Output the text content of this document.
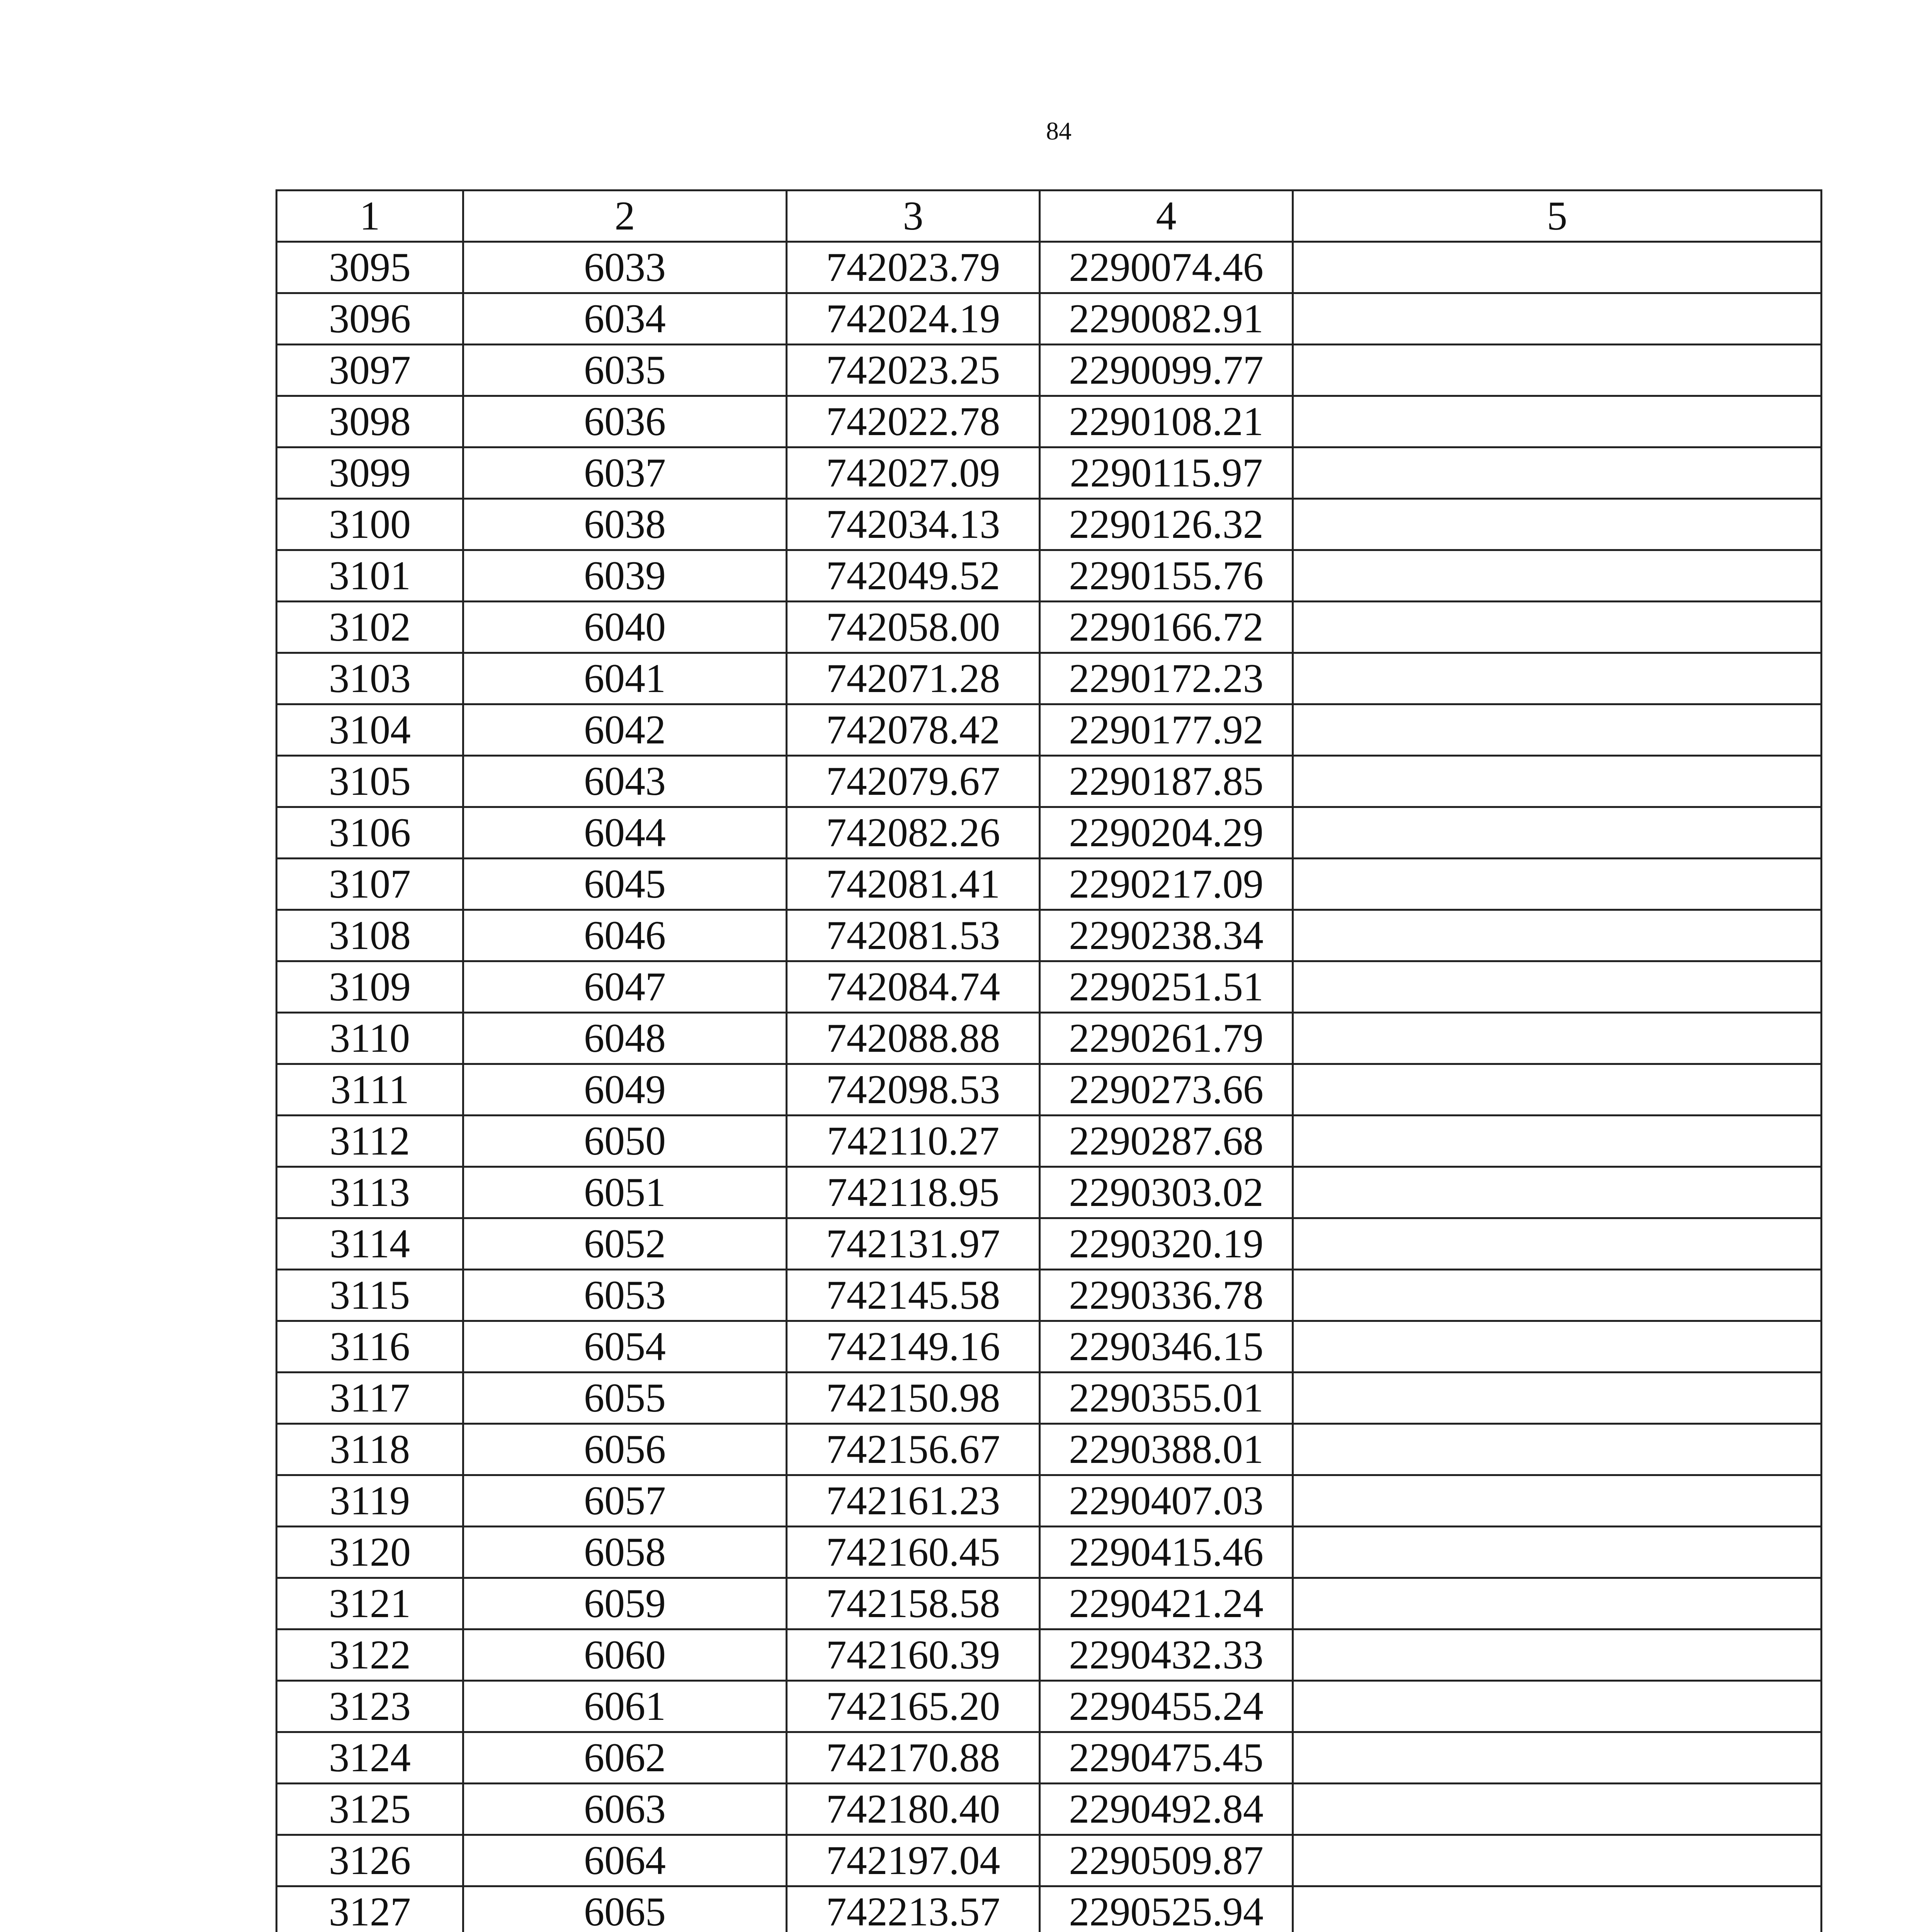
84
1	2	3	4	5
3095	6033	742023.79	2290074.46	
3096	6034	742024.19	2290082.91	
3097	6035	742023.25	2290099.77	
3098	6036	742022.78	2290108.21	
3099	6037	742027.09	2290115.97	
3100	6038	742034.13	2290126.32	
3101	6039	742049.52	2290155.76	
3102	6040	742058.00	2290166.72	
3103	6041	742071.28	2290172.23	
3104	6042	742078.42	2290177.92	
3105	6043	742079.67	2290187.85	
3106	6044	742082.26	2290204.29	
3107	6045	742081.41	2290217.09	
3108	6046	742081.53	2290238.34	
3109	6047	742084.74	2290251.51	
3110	6048	742088.88	2290261.79	
3111	6049	742098.53	2290273.66	
3112	6050	742110.27	2290287.68	
3113	6051	742118.95	2290303.02	
3114	6052	742131.97	2290320.19	
3115	6053	742145.58	2290336.78	
3116	6054	742149.16	2290346.15	
3117	6055	742150.98	2290355.01	
3118	6056	742156.67	2290388.01	
3119	6057	742161.23	2290407.03	
3120	6058	742160.45	2290415.46	
3121	6059	742158.58	2290421.24	
3122	6060	742160.39	2290432.33	
3123	6061	742165.20	2290455.24	
3124	6062	742170.88	2290475.45	
3125	6063	742180.40	2290492.84	
3126	6064	742197.04	2290509.87	
3127	6065	742213.57	2290525.94	
